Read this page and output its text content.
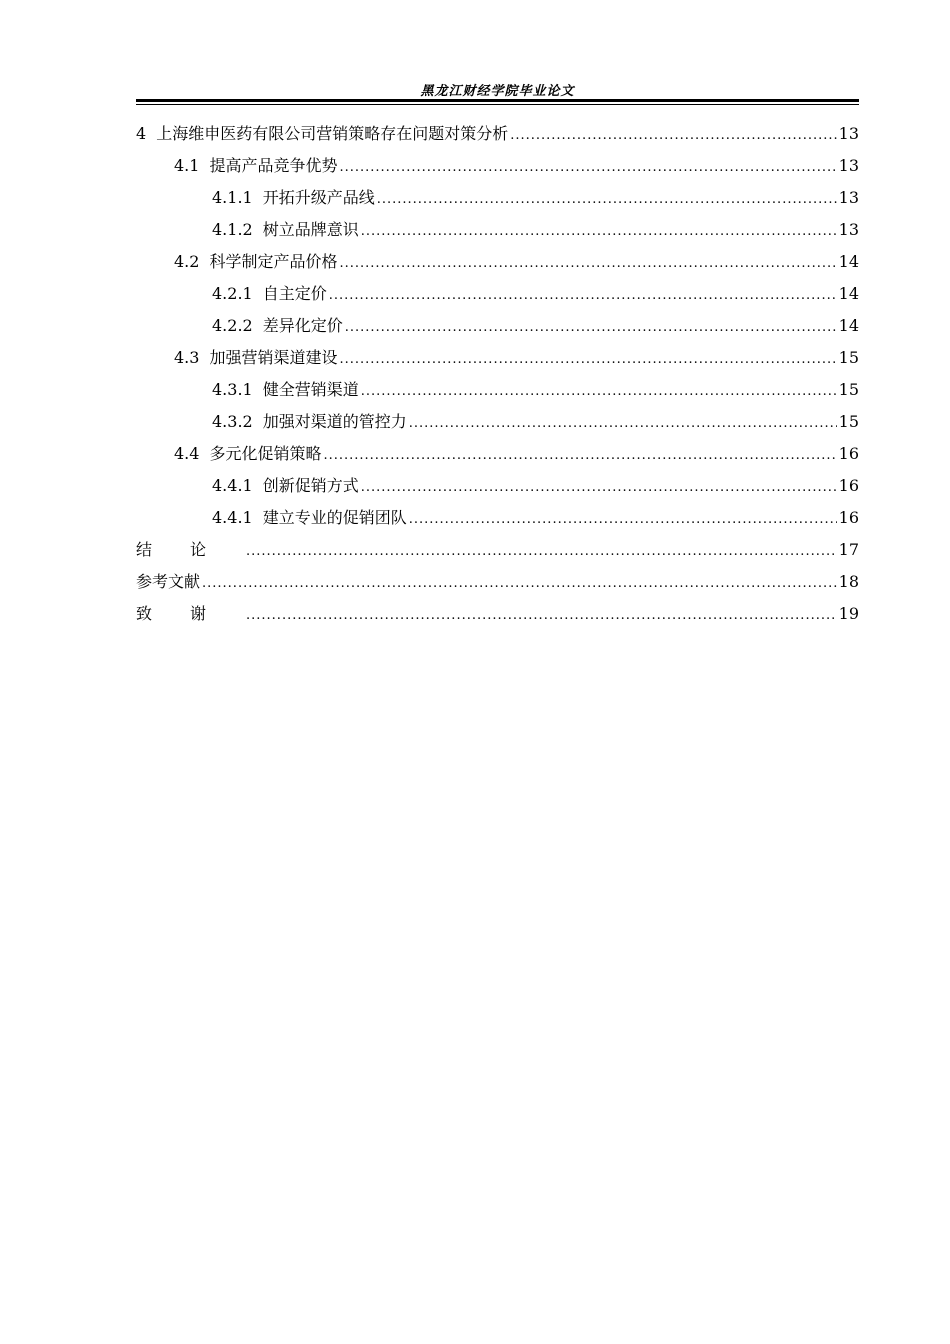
黑龙江财经学院毕业论文
4 上海维申医药有限公司营销策略存在问题对策分析 .....	13
4.1 提高产品竞争优势 .....	13
4.1.1 开拓升级产品线 .....	13
4.1.2 树立品牌意识 .....	13
4.2 科学制定产品价格 .....	14
4.2.1 自主定价 .....	14
4.2.2 差异化定价 .....	14
4.3 加强营销渠道建设 .....	15
4.3.1 健全营销渠道 .....	15
4.3.2 加强对渠道的管控力 .....	15
4.4 多元化促销策略 .....	16
4.4.1 创新促销方式 .....	16
4.4.1 建立专业的促销团队 .....	16
结论 .....	17
参考文献 .....	18
致谢 .....	19
